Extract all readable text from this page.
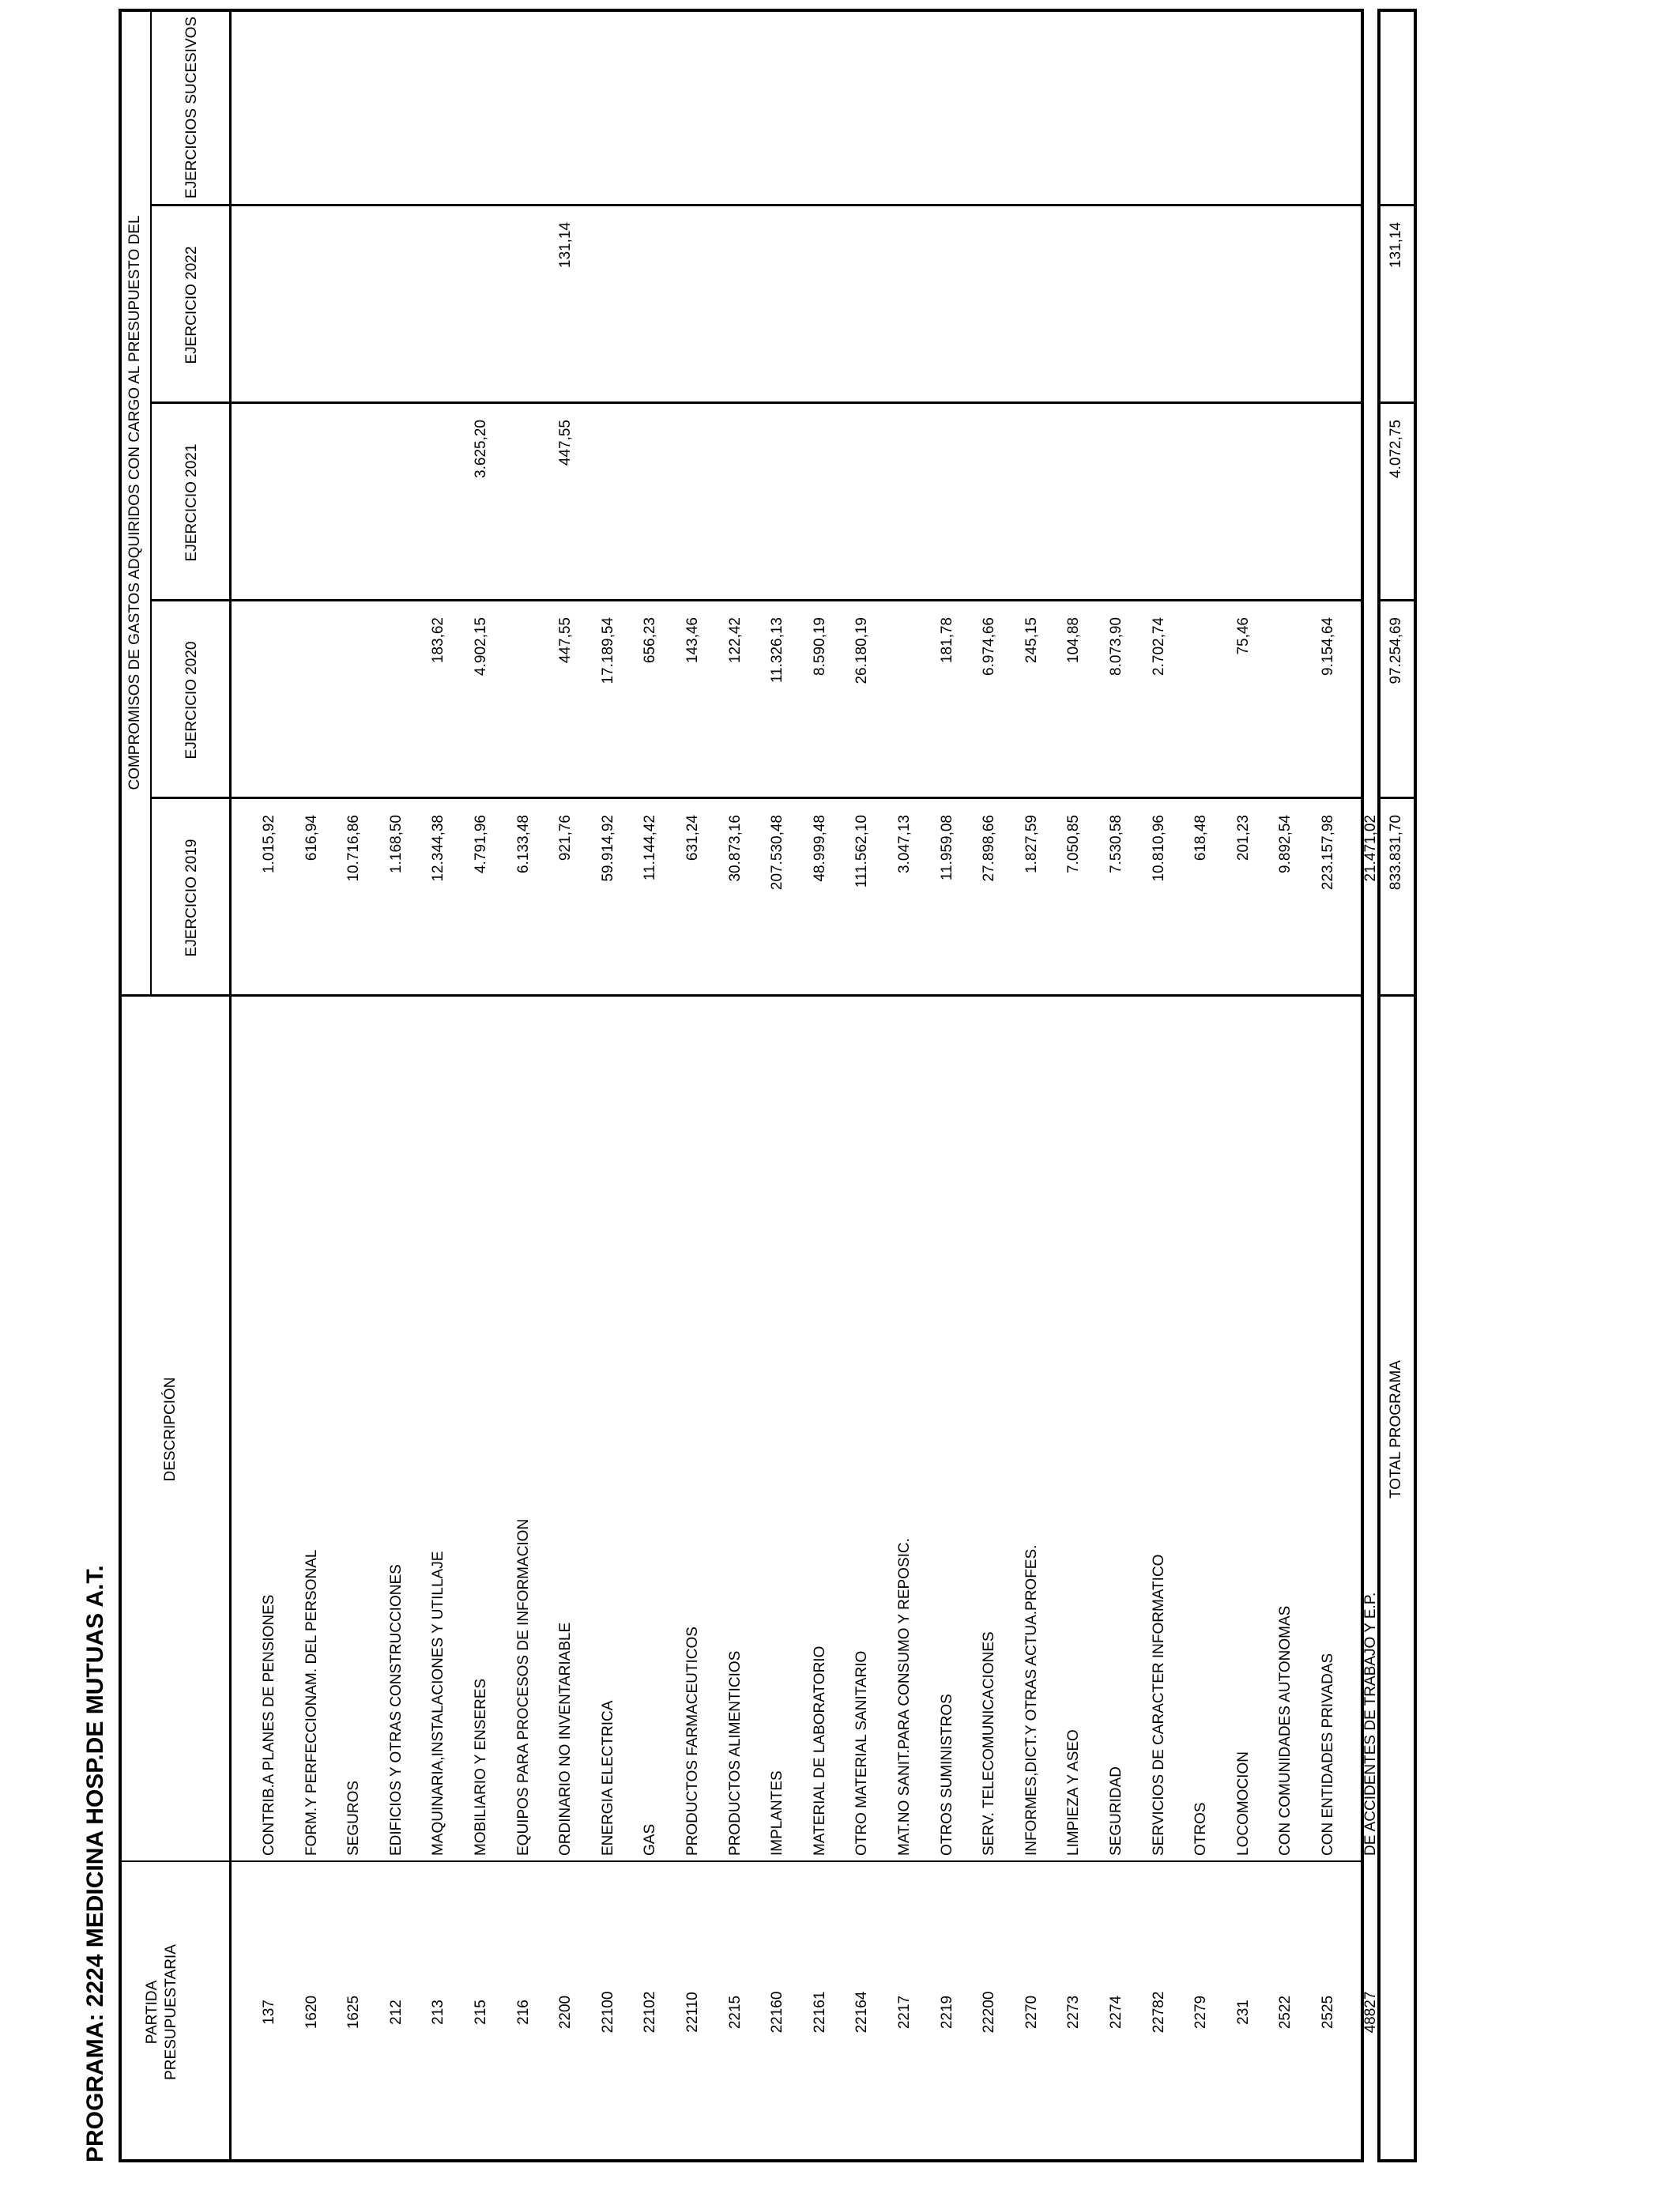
PROGRAMA: 2224 MEDICINA HOSP.DE MUTUAS A.T. PARTIDA PRESUPUESTARIA
DESCRIPCIÓN
COMPROMISOS DE GASTOS ADQUIRIDOS CON CARGO AL PRESUPUESTO DEL
EJERCICIO 2019
EJERCICIO 2020
EJERCICIO 2021
EJERCICIO 2022
EJERCICIOS SUCESIVOS
137
CONTRIB.A PLANES DE PENSIONES
1.015,92
1620
FORM.Y PERFECCIONAM. DEL PERSONAL
616,94
1625
SEGUROS
10.716,86
212
EDIFICIOS Y OTRAS CONSTRUCCIONES
1.168,50
213
MAQUINARIA,INSTALACIONES Y UTILLAJE
12.344,38
183,62
215
MOBILIARIO Y ENSERES
4.791,96
4.902,15
3.625,20
216
EQUIPOS PARA PROCESOS DE INFORMACION
6.133,48
2200
ORDINARIO NO INVENTARIABLE
921,76
447,55
447,55
131,14
22100
ENERGIA ELECTRICA
59.914,92
17.189,54
22102
GAS
11.144,42
656,23
22110
PRODUCTOS FARMACEUTICOS
631,24
143,46
2215
PRODUCTOS ALIMENTICIOS
30.873,16
122,42
22160
IMPLANTES
207.530,48
11.326,13
22161
MATERIAL DE LABORATORIO
48.999,48
8.590,19
22164
OTRO MATERIAL SANITARIO
111.562,10
26.180,19
2217
MAT.NO SANIT.PARA CONSUMO Y REPOSIC.
3.047,13
2219
OTROS SUMINISTROS
11.959,08
181,78
22200
SERV. TELECOMUNICACIONES
27.898,66
6.974,66
2270
INFORMES,DICT.Y OTRAS ACTUA.PROFES.
1.827,59
245,15
2273
LIMPIEZA Y ASEO
7.050,85
104,88
2274
SEGURIDAD
7.530,58
8.073,90
22782
SERVICIOS DE CARACTER INFORMATICO
10.810,96
2.702,74
2279
OTROS
618,48
231
LOCOMOCION
201,23
75,46
2522
CON COMUNIDADES AUTONOMAS
9.892,54
2525
CON ENTIDADES PRIVADAS
223.157,98
9.154,64
48827
DE ACCIDENTES DE TRABAJO Y E.P.
21.471,02
TOTAL PROGRAMA
833.831,70
97.254,69
4.072,75
131,14
